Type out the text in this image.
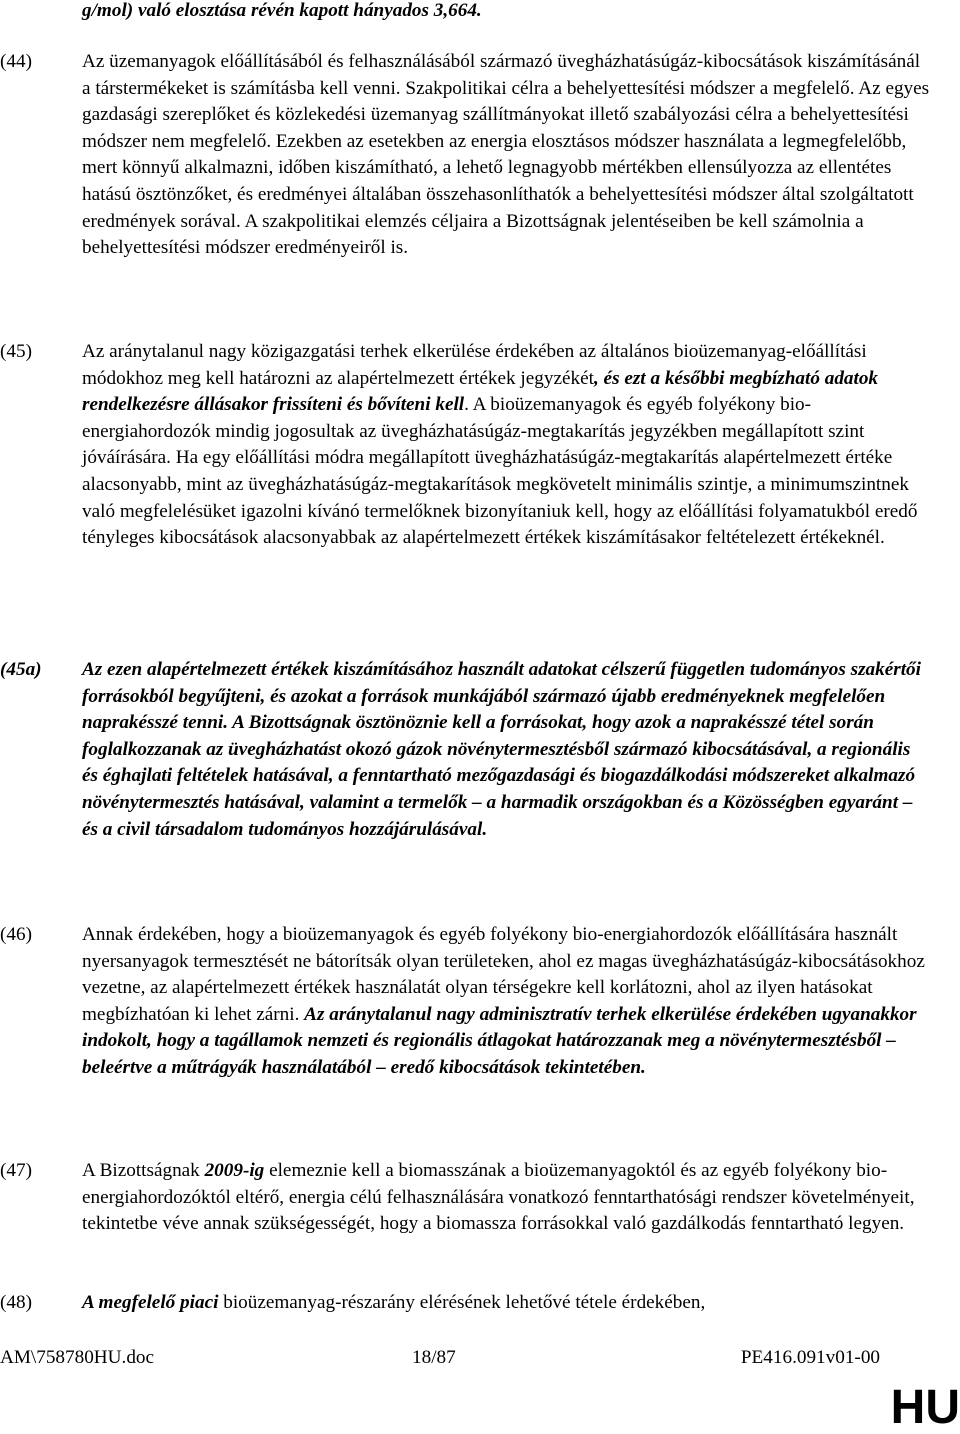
g/mol) való elosztása révén kapott hányados 3,664.
(44)	Az üzemanyagok előállításából és felhasználásából származó üvegházhatásúgáz-kibocsátások kiszámításánál a társtermékeket is számításba kell venni. Szakpolitikai célra a behelyettesítési módszer a megfelelő. Az egyes gazdasági szereplőket és közlekedési üzemanyag szállítmányokat illető szabályozási célra a behelyettesítési módszer nem megfelelő. Ezekben az esetekben az energia elosztásos módszer használata a legmegfelelőbb, mert könnyű alkalmazni, időben kiszámítható, a lehető legnagyobb mértékben ellensúlyozza az ellentétes hatású ösztönzőket, és eredményei általában összehasonlíthatók a behelyettesítési módszer által szolgáltatott eredmények sorával. A szakpolitikai elemzés céljaira a Bizottságnak jelentéseiben be kell számolnia a behelyettesítési módszer eredményeiről is.
(45)	Az aránytalanul nagy közigazgatási terhek elkerülése érdekében az általános bioüzemanyag-előállítási módokhoz meg kell határozni az alapértelmezett értékek jegyzékét, és ezt a későbbi megbízható adatok rendelkezésre állásakor frissíteni és bővíteni kell. A bioüzemanyagok és egyéb folyékony bio-energiahordozók mindig jogosultak az üvegházhatásúgáz-megtakarítás jegyzékben megállapított szint jóváírására. Ha egy előállítási módra megállapított üvegházhatásúgáz-megtakarítás alapértelmezett értéke alacsonyabb, mint az üvegházhatásúgáz-megtakarítások megkövetelt minimális szintje, a minimumszintnek való megfelelésüket igazolni kívánó termelőknek bizonyítaniuk kell, hogy az előállítási folyamatukból eredő tényleges kibocsátások alacsonyabbak az alapértelmezett értékek kiszámításakor feltételezett értékeknél.
(45a)	Az ezen alapértelmezett értékek kiszámításához használt adatokat célszerű független tudományos szakértői forrásokból begyűjteni, és azokat a források munkájából származó újabb eredményeknek megfelelően naprakésszé tenni. A Bizottságnak ösztönöznie kell a forrásokat, hogy azok a naprakésszé tétel során foglalkozzanak az üvegházhatást okozó gázok növénytermesztésből származó kibocsátásával, a regionális és éghajlati feltételek hatásával, a fenntartható mezőgazdasági és biogazdálkodási módszereket alkalmazó növénytermesztés hatásával, valamint a termelők – a harmadik országokban és a Közösségben egyaránt – és a civil társadalom tudományos hozzájárulásával.
(46)	Annak érdekében, hogy a bioüzemanyagok és egyéb folyékony bio-energiahordozók előállítására használt nyersanyagok termesztését ne bátorítsák olyan területeken, ahol ez magas üvegházhatásúgáz-kibocsátásokhoz vezetne, az alapértelmezett értékek használatát olyan térségekre kell korlátozni, ahol az ilyen hatásokat megbízhatóan ki lehet zárni. Az aránytalanul nagy adminisztratív terhek elkerülése érdekében ugyanakkor indokolt, hogy a tagállamok nemzeti és regionális átlagokat határozzanak meg a növénytermesztésből – beleértve a műtrágyák használatából – eredő kibocsátások tekintetében.
(47)	A Bizottságnak 2009-ig elemeznie kell a biomasszának a bioüzemanyagoktól és az egyéb folyékony bio-energiahordozóktól eltérő, energia célú felhasználására vonatkozó fenntarthatósági rendszer követelményeit, tekintetbe véve annak szükségességét, hogy a biomassza forrásokkal való gazdálkodás fenntartható legyen.
(48)	A megfelelő piaci bioüzemanyag-részarány elérésének lehetővé tétele érdekében,
AM\758780HU.doc	18/87	PE416.091v01-00
HU
